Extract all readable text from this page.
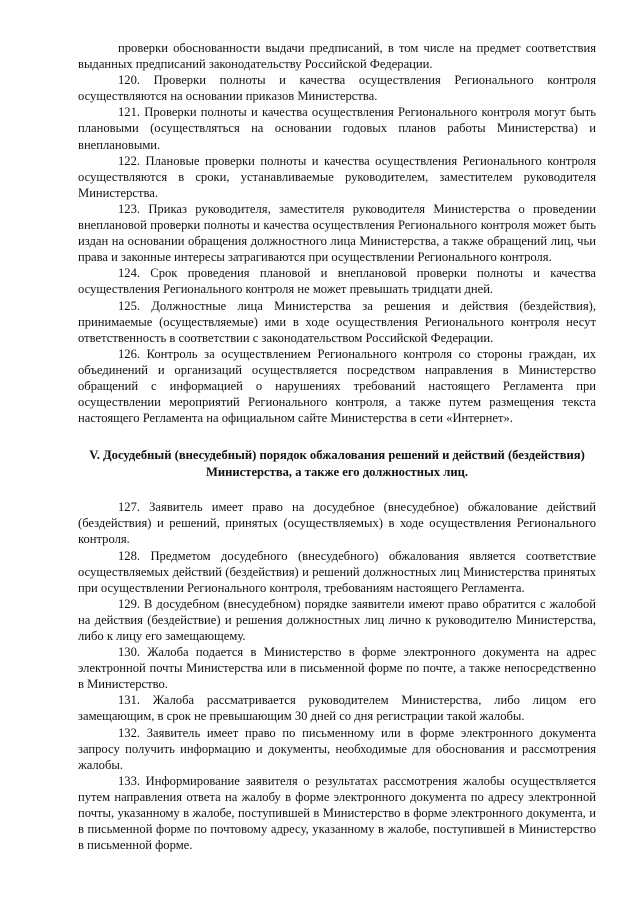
проверки обоснованности выдачи предписаний, в том числе на предмет соответствия выданных предписаний законодательству Российской Федерации.

120. Проверки полноты и качества осуществления Регионального контроля осуществляются на основании приказов Министерства.

121. Проверки полноты и качества осуществления Регионального контроля могут быть плановыми (осуществляться на основании годовых планов работы Министерства) и внеплановыми.

122. Плановые проверки полноты и качества осуществления Регионального контроля осуществляются в сроки, устанавливаемые руководителем, заместителем руководителя Министерства.

123. Приказ руководителя, заместителя руководителя Министерства о проведении внеплановой проверки полноты и качества осуществления Регионального контроля может быть издан на основании обращения должностного лица Министерства, а также обращений лиц, чьи права и законные интересы затрагиваются при осуществлении Регионального контроля.

124. Срок проведения плановой и внеплановой проверки полноты и качества осуществления Регионального контроля не может превышать тридцати дней.

125. Должностные лица Министерства за решения и действия (бездействия), принимаемые (осуществляемые) ими в ходе осуществления Регионального контроля несут ответственность в соответствии с законодательством Российской Федерации.

126. Контроль за осуществлением Регионального контроля со стороны граждан, их объединений и организаций осуществляется посредством направления в Министерство обращений с информацией о нарушениях требований настоящего Регламента при осуществлении мероприятий Регионального контроля, а также путем размещения текста настоящего Регламента на официальном сайте Министерства в сети «Интернет».

V. Досудебный (внесудебный) порядок обжалования решений и действий (бездействия) Министерства, а также его должностных лиц.

127. Заявитель имеет право на досудебное (внесудебное) обжалование действий (бездействия) и решений, принятых (осуществляемых) в ходе осуществления Регионального контроля.

128. Предметом досудебного (внесудебного) обжалования является соответствие осуществляемых действий (бездействия) и решений должностных лиц Министерства принятых при осуществлении Регионального контроля, требованиям настоящего Регламента.

129. В досудебном (внесудебном) порядке заявители имеют право обратится с жалобой на действия (бездействие) и решения должностных лиц лично к руководителю Министерства, либо к лицу его замещающему.

130. Жалоба подается в Министерство в форме электронного документа на адрес электронной почты Министерства или в письменной форме по почте, а также непосредственно в Министерство.

131. Жалоба рассматривается руководителем Министерства, либо лицом его замещающим, в срок не превышающим 30 дней со дня регистрации такой жалобы.

132. Заявитель имеет право по письменному или в форме электронного документа запросу получить информацию и документы, необходимые для обоснования и рассмотрения жалобы.

133. Информирование заявителя о результатах рассмотрения жалобы осуществляется путем направления ответа на жалобу в форме электронного документа по адресу электронной почты, указанному в жалобе, поступившей в Министерство в форме электронного документа, и в письменной форме по почтовому адресу, указанному в жалобе, поступившей в Министерство в письменной форме.
